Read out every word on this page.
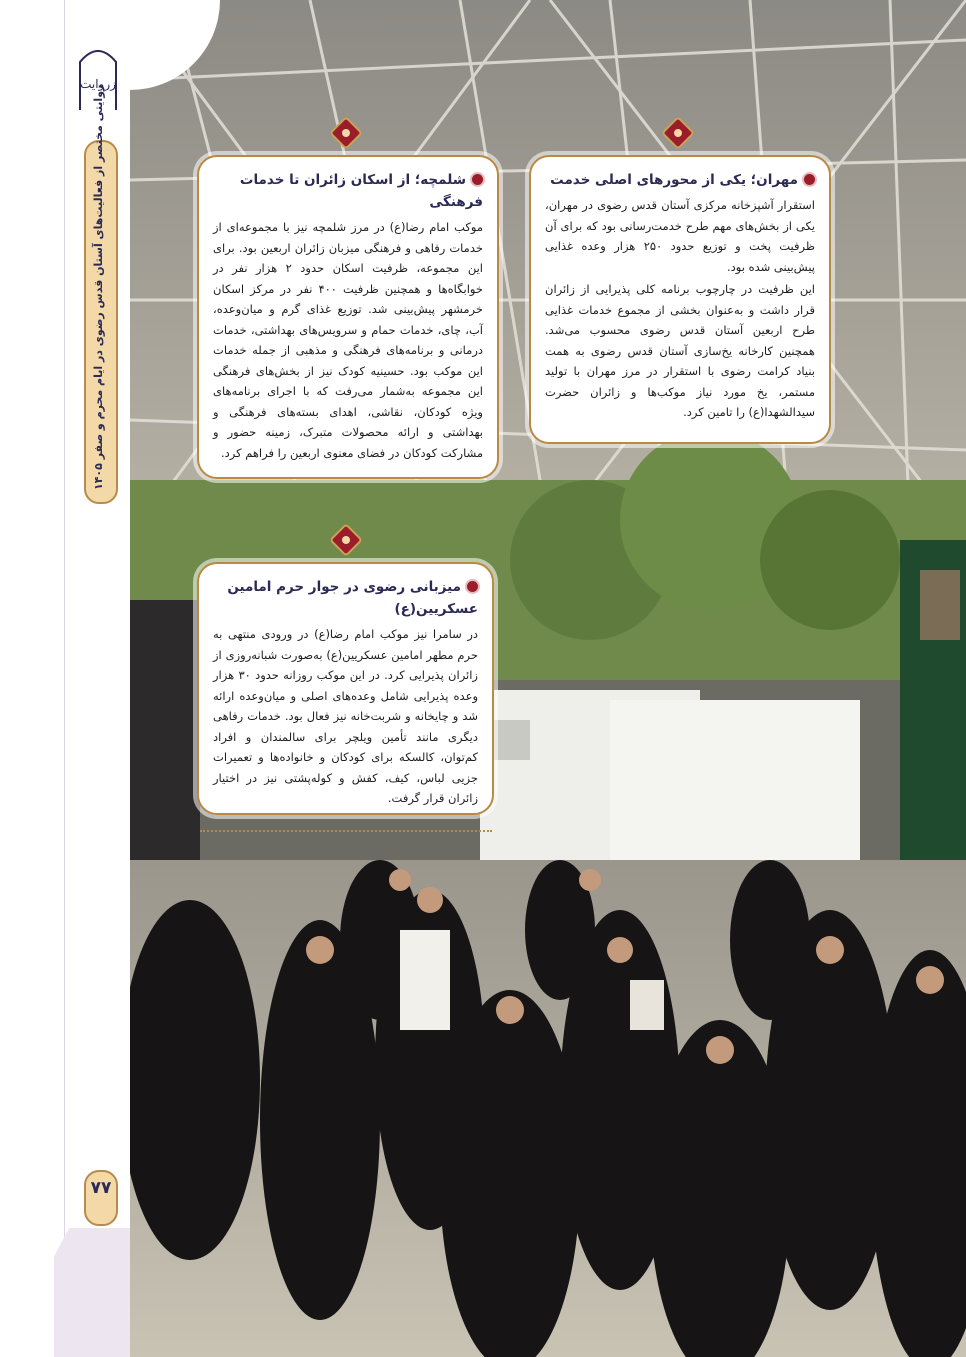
زروایت
روایتی مختصر از فعالیت‌های آستان قدس رضوی در ایام محرم و صفر ۱۴۰۵
۷۷
مهران؛ یکی از محورهای اصلی خدمت

استقرار آشپزخانه مرکزی آستان قدس رضوی در مهران، یکی از بخش‌های مهم طرح خدمت‌رسانی بود که برای آن ظرفیت پخت و توزیع حدود ۲۵۰ هزار وعده غذایی پیش‌بینی شده بود.

این ظرفیت در چارچوب برنامه کلی پذیرایی از زائران قرار داشت و به‌عنوان بخشی از مجموع خدمات غذایی طرح اربعین آستان قدس رضوی محسوب می‌شد. همچنین کارخانه یخ‌سازی آستان قدس رضوی به همت بنیاد کرامت رضوی با استقرار در مرز مهران با تولید مستمر، یخ مورد نیاز موکب‌ها و زائران حضرت سیدالشهدا(ع) را تامین کرد.

شلمچه؛ از اسکان زائران تا خدمات فرهنگی

موکب امام رضا(ع) در مرز شلمچه نیز با مجموعه‌ای از خدمات رفاهی و فرهنگی میزبان زائران اربعین بود. برای این مجموعه، ظرفیت اسکان حدود ۲ هزار نفر در خوابگاه‌ها و همچنین ظرفیت ۴۰۰ نفر در مرکز اسکان خرمشهر پیش‌بینی شد. توزیع غذای گرم و میان‌وعده، آب، چای، خدمات حمام و سرویس‌های بهداشتی، خدمات درمانی و برنامه‌های فرهنگی و مذهبی از جمله خدمات این موکب بود. حسینیه کودک نیز از بخش‌های فرهنگی این مجموعه به‌شمار می‌رفت که با اجرای برنامه‌های ویژه کودکان، نقاشی، اهدای بسته‌های فرهنگی و بهداشتی و ارائه محصولات متبرک، زمینه حضور و مشارکت کودکان در فضای معنوی اربعین را فراهم کرد.

میزبانی رضوی در جوار حرم امامین عسکریین(ع)

در سامرا نیز موکب امام رضا(ع) در ورودی منتهی به حرم مطهر امامین عسکریین(ع) به‌صورت شبانه‌روزی از زائران پذیرایی کرد. در این موکب روزانه حدود ۳۰ هزار وعده پذیرایی شامل وعده‌های اصلی و میان‌وعده ارائه شد و چایخانه و شربت‌خانه نیز فعال بود. خدمات رفاهی دیگری مانند تأمین ویلچر برای سالمندان و افراد کم‌توان، کالسکه برای کودکان و خانواده‌ها و تعمیرات جزیی لباس، کیف، کفش و کوله‌پشتی نیز در اختیار زائران قرار گرفت.
